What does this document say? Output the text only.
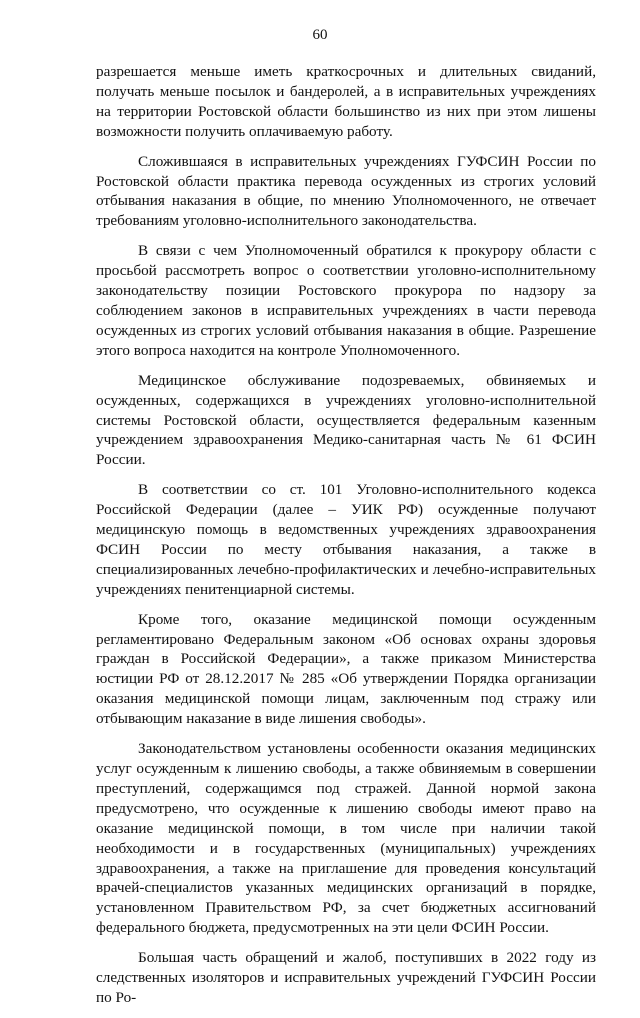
60

разрешается меньше иметь краткосрочных и длительных свиданий, получать меньше посылок и бандеролей, а в исправительных учреждениях на территории Ростовской области большинство из них при этом лишены возможности получить оплачиваемую работу.

Сложившаяся в исправительных учреждениях ГУФСИН России по Ростовской области практика перевода осужденных из строгих условий отбывания наказания в общие, по мнению Уполномоченного, не отвечает требованиям уголовно-исполнительного законодательства.

В связи с чем Уполномоченный обратился к прокурору области с просьбой рассмотреть вопрос о соответствии уголовно-исполнительному законодательству позиции Ростовского прокурора по надзору за соблюдением законов в исправительных учреждениях в части перевода осужденных из строгих условий отбывания наказания в общие. Разрешение этого вопроса находится на контроле Уполномоченного.

Медицинское обслуживание подозреваемых, обвиняемых и осужденных, содержащихся в учреждениях уголовно-исполнительной системы Ростовской области, осуществляется федеральным казенным учреждением здравоохранения Медико-санитарная часть № 61 ФСИН России.

В соответствии со ст. 101 Уголовно-исполнительного кодекса Российской Федерации (далее – УИК РФ) осужденные получают медицинскую помощь в ведомственных учреждениях здравоохранения ФСИН России по месту отбывания наказания, а также в специализированных лечебно-профилактических и лечебно-исправительных учреждениях пенитенциарной системы.

Кроме того, оказание медицинской помощи осужденным регламентировано Федеральным законом «Об основах охраны здоровья граждан в Российской Федерации», а также приказом Министерства юстиции РФ от 28.12.2017 № 285 «Об утверждении Порядка организации оказания медицинской помощи лицам, заключенным под стражу или отбывающим наказание в виде лишения свободы».

Законодательством установлены особенности оказания медицинских услуг осужденным к лишению свободы, а также обвиняемым в совершении преступлений, содержащимся под стражей. Данной нормой закона предусмотрено, что осужденные к лишению свободы имеют право на оказание медицинской помощи, в том числе при наличии такой необходимости и в государственных (муниципальных) учреждениях здравоохранения, а также на приглашение для проведения консультаций врачей-специалистов указанных медицинских организаций в порядке, установленном Правительством РФ, за счет бюджетных ассигнований федерального бюджета, предусмотренных на эти цели ФСИН России.

Большая часть обращений и жалоб, поступивших в 2022 году из следственных изоляторов и исправительных учреждений ГУФСИН России по Ро-
